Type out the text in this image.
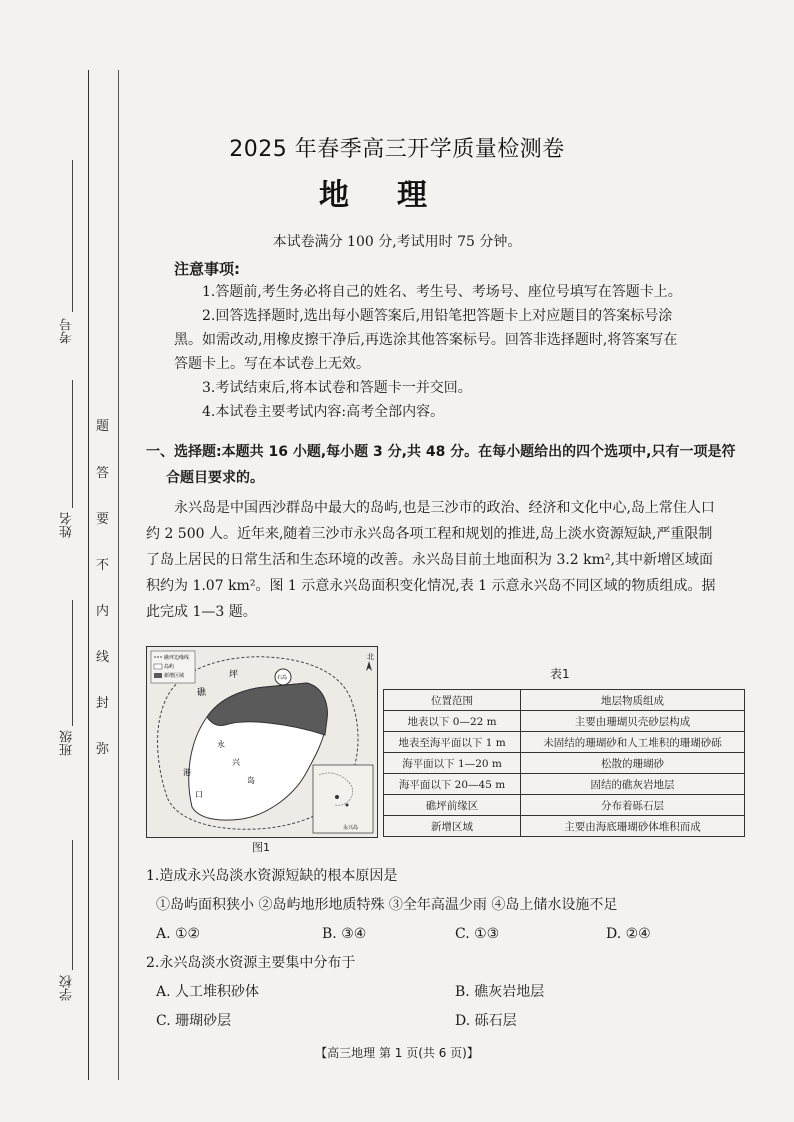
考号
姓名
班级
学校
题
答
要
不
内
线
封
弥
2025 年春季高三开学质量检测卷
地理
本试卷满分 100 分,考试用时 75 分钟。
注意事项:
1.答题前,考生务必将自己的姓名、考生号、考场号、座位号填写在答题卡上。
2.回答选择题时,选出每小题答案后,用铅笔把答题卡上对应题目的答案标号涂
黑。如需改动,用橡皮擦干净后,再选涂其他答案标号。回答非选择题时,将答案写在
答题卡上。写在本试卷上无效。
3.考试结束后,将本试卷和答题卡一并交回。
4.本试卷主要考试内容:高考全部内容。
一、选择题:本题共 16 小题,每小题 3 分,共 48 分。在每小题给出的四个选项中,只有一项是符
合题目要求的。
永兴岛是中国西沙群岛中最大的岛屿,也是三沙市的政治、经济和文化中心,岛上常住人口
约 2 500 人。近年来,随着三沙市永兴岛各项工程和规划的推进,岛上淡水资源短缺,严重限制
了岛上居民的日常生活和生态环境的改善。永兴岛目前土地面积为 3.2 km²,其中新增区域面
积约为 1.07 km²。图 1 示意永兴岛面积变化情况,表 1 示意永兴岛不同区域的物质组成。据
此完成 1—3 题。
礁坪边缘线
岛屿
新增区域
北
礁
坪
永
兴
岛
港
口
石岛
永兴岛
图1
表1
位置范围	地层物质组成
地表以下 0—22 m	主要由珊瑚贝壳砂层构成
地表至海平面以下 1 m	未固结的珊瑚砂和人工堆积的珊瑚砂砾
海平面以下 1—20 m	松散的珊瑚砂
海平面以下 20—45 m	固结的礁灰岩地层
礁坪前缘区	分布着砾石层
新增区域	主要由海底珊瑚砂体堆积而成
1.造成永兴岛淡水资源短缺的根本原因是
①岛屿面积狭小 ②岛屿地形地质特殊 ③全年高温少雨 ④岛上储水设施不足
A. ①②	B. ③④	C. ①③	D. ②④
2.永兴岛淡水资源主要集中分布于
A. 人工堆积砂体	B. 礁灰岩地层
C. 珊瑚砂层	D. 砾石层
【高三地理 第 1 页(共 6 页)】
